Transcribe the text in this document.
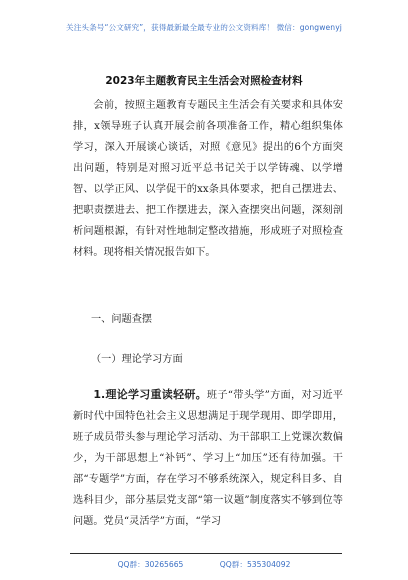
关注头条号“公文研究”，获得最新最全最专业的公文资料库！ 微信：gongwenyj
2023年主题教育民主生活会对照检查材料
会前，按照主题教育专题民主生活会有关要求和具体安排，x领导班子认真开展会前各项准备工作，精心组织集体学习，深入开展谈心谈话，对照《意见》提出的6个方面突出问题，特别是对照习近平总书记关于以学铸魂、以学增智、以学正风、以学促干的xx条具体要求，把自己摆进去、把职责摆进去、把工作摆进去，深入查摆突出问题，深刻剖析问题根源，有针对性地制定整改措施，形成班子对照检查材料。现将相关情况报告如下。
一、问题查摆
（一）理论学习方面
1.理论学习重读轻研。班子“带头学”方面，对习近平新时代中国特色社会主义思想满足于现学现用、即学即用，班子成员带头参与理论学习活动、为干部职工上党课次数偏少，为干部思想上“补钙”、学习上“加压”还有待加强。干部“专题学”方面，存在学习不够系统深入，规定科目多、自选科目少，部分基层党支部“第一议题”制度落实不够到位等问题。党员“灵活学”方面，“学习
QQ群：30265665	QQ群：535304092
